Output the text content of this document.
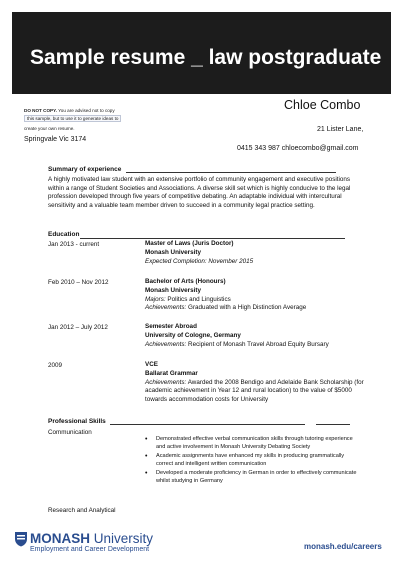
Sample resume _ law postgraduate
DO NOT COPY. You are advised not to copy
this sample, but to use it to generate ideas to
create your own resume.
Chloe Combo
21 Lister Lane,
Springvale Vic 3174
0415 343 987 chloecombo@gmail.com
Summary of experience
A highly motivated law student with an extensive portfolio of community engagement and executive positions within a range of Student Societies and Associations. A diverse skill set which is highly conducive to the legal profession developed through five years of competitive debating. An adaptable individual with intercultural sensitivity and a valuable team member driven to succeed in a community legal practice setting.
Education
Jan 2013 - current	Master of Laws (Juris Doctor)
Monash University
Expected Completion: November 2015
Feb 2010 – Nov 2012	Bachelor of Arts (Honours)
Monash University
Majors: Politics and Linguistics
Achievements: Graduated with a High Distinction Average
Jan 2012 – July 2012	Semester Abroad
University of Cologne, Germany
Achievements: Recipient of Monash Travel Abroad Equity Bursary
2009	VCE
Ballarat Grammar
Achievements: Awarded the 2008 Bendigo and Adelaide Bank Scholarship (for academic achievement in Year 12 and rural location) to the value of $5000 towards accommodation costs for University
Professional Skills
Communication
• Demonstrated effective verbal communication skills through tutoring experience and active involvement in Monash University Debating Society
• Academic assignments have enhanced my skills in producing grammatically correct and intelligent written communication
• Developed a moderate proficiency in German in order to effectively communicate whilst studying in Germany
Research and Analytical
MONASH University
Employment and Career Development	monash.edu/careers
